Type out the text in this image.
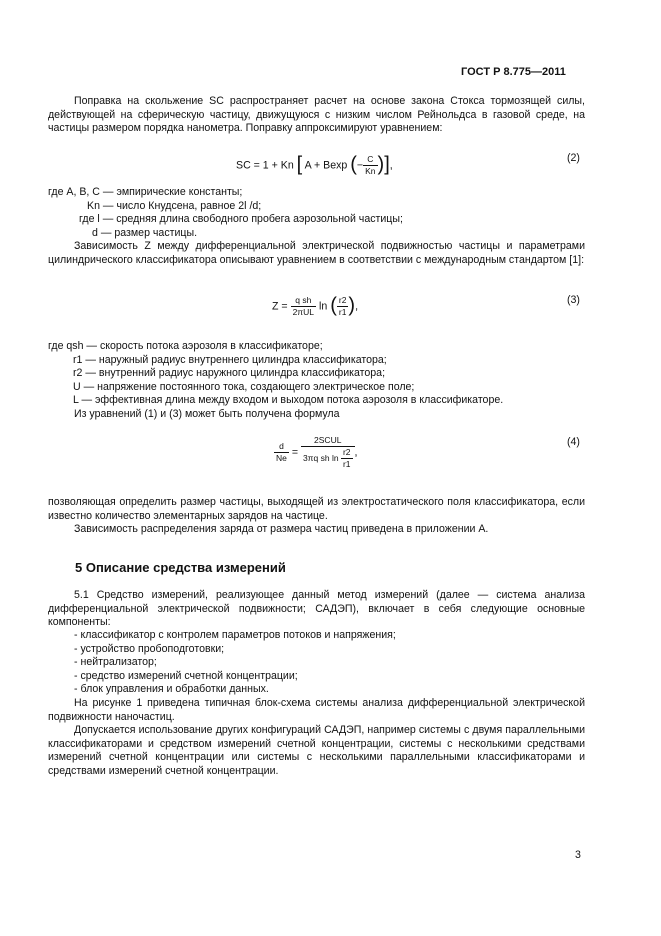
ГОСТ Р 8.775—2011
Поправка на скольжение SC распространяет расчет на основе закона Стокса тормозящей силы, действующей на сферическую частицу, движущуюся с низким числом Рейнольдса в газовой среде, на частицы размером порядка нанометра. Поправку аппроксимируют уравнением:
SC = 1 + Kn [ A + Bexp (− $\frac{C}{Kn}$ )],
(2)
где A, B, C — эмпирические константы;
Kn — число Кнудсена, равное 2l /d;
где l — средняя длина свободного пробега аэрозольной частицы;
d — размер частицы.
Зависимость Z между дифференциальной электрической подвижностью частицы и параметрами цилиндрического классификатора описывают уравнением в соответствии с международным стандартом [1]:
$Z = \frac{\text{q sh}}{\text{2πUL}}$ ln ( $\frac{r2}{r1}$ ),
(3)
где qsh — скорость потока аэрозоля в классификаторе;
r1 — наружный радиус внутреннего цилиндра классификатора;
r2 — внутренний радиус наружного цилиндра классификатора;
U — напряжение постоянного тока, создающего электрическое поле;
L — эффективная длина между входом и выходом потока аэрозоля в классификаторе.
Из уравнений (1) и (3) может быть получена формула
$\frac{d}{Ne} = \frac{\text{2SCUL}}{3\pi q sh \ln \frac{r2}{r1}}$ ,
(4)
позволяющая определить размер частицы, выходящей из электростатического поля классификатора, если известно количество элементарных зарядов на частице.
Зависимость распределения заряда от размера частиц приведена в приложении А.
5 Описание средства измерений
5.1 Средство измерений, реализующее данный метод измерений (далее — система анализа дифференциальной электрической подвижности; САДЭП), включает в себя следующие основные компоненты:
- классификатор с контролем параметров потоков и напряжения;
- устройство пробоподготовки;
- нейтрализатор;
- средство измерений счетной концентрации;
- блок управления и обработки данных.
На рисунке 1 приведена типичная блок-схема системы анализа дифференциальной электрической подвижности наночастиц.
Допускается использование других конфигураций САДЭП, например системы с двумя параллельными классификаторами и средством измерений счетной концентрации, системы с несколькими средствами измерений счетной концентрации или системы с несколькими параллельными классификаторами и средствами измерений счетной концентрации.
3
